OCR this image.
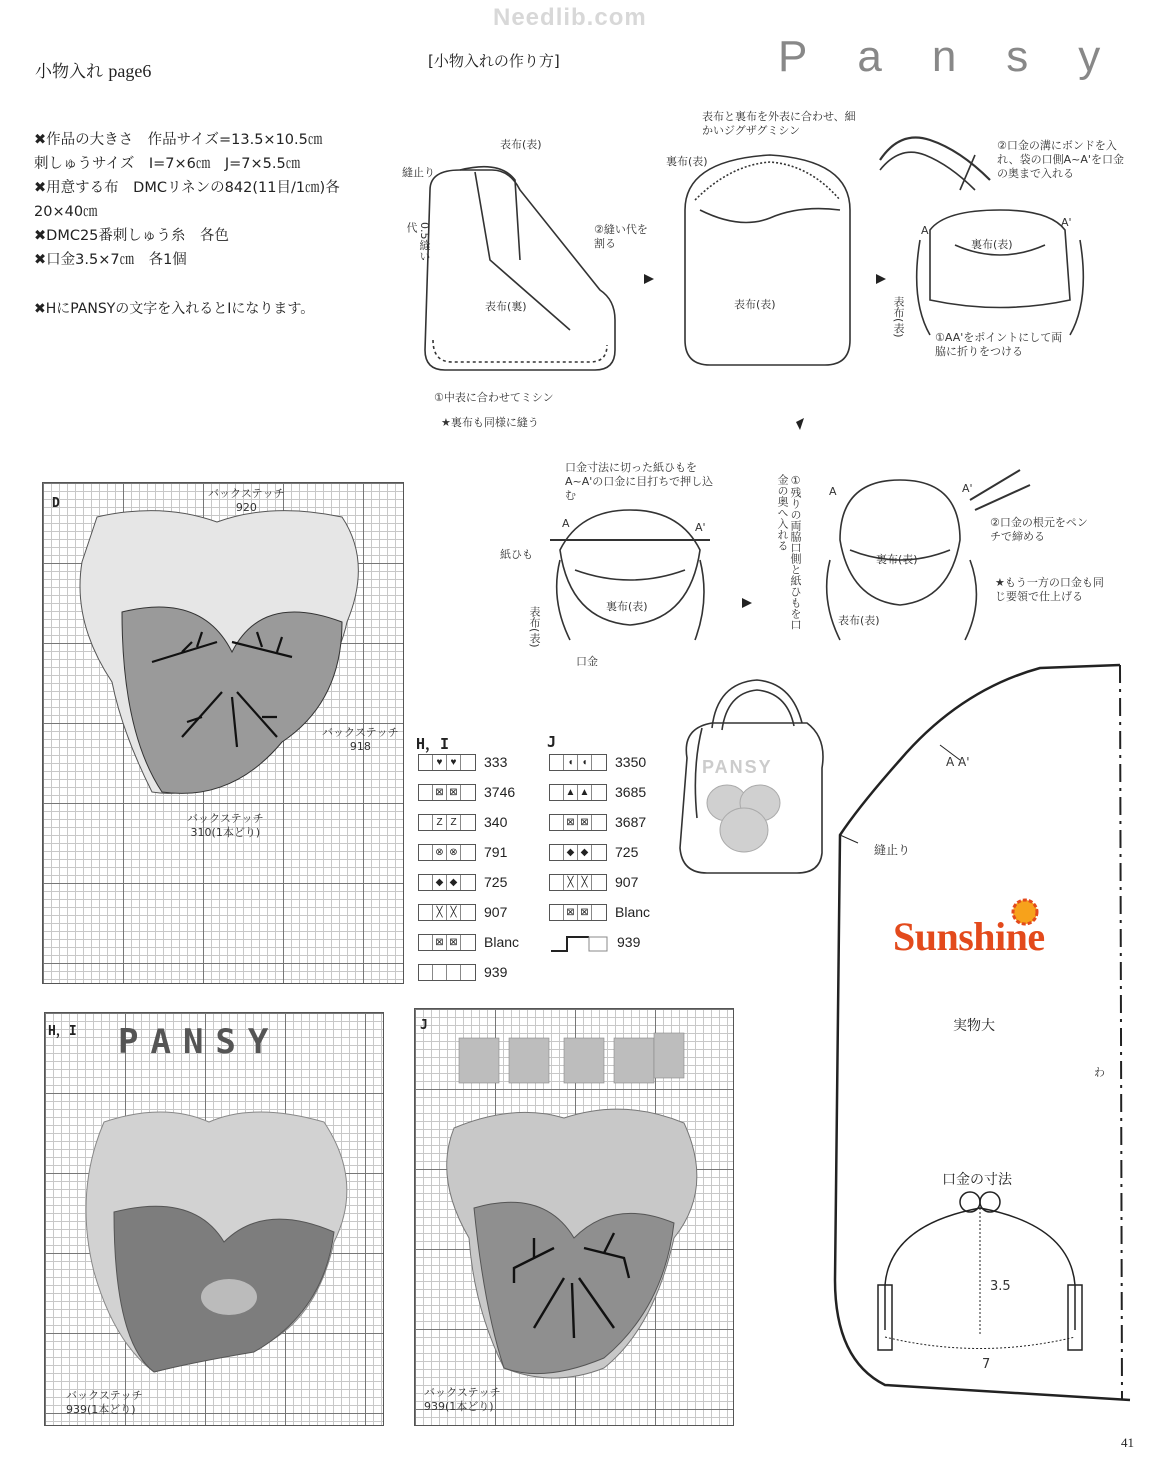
Needlib.com
小物入れ page6	[小物入れの作り方]	Pansy
✖作品の大きさ　作品サイズ=13.5×10.5㎝
刺しゅうサイズ　I=7×6㎝　J=7×5.5㎝
✖用意する布　DMCリネンの842(11目/1㎝)各
20×40㎝
✖DMC25番刺しゅう糸　各色
✖口金3.5×7㎝　各1個
✖HにPANSYの文字を入れるとIになります。
表布(表)
縫止り
0.5縫い代	②縫い代を割る
表布(裏)
①中表に合わせてミシン
★裏布も同様に縫う
表布と裏布を外表に合わせ、細かいジグザグミシン
裏布(表)
表布(表)
②口金の溝にボンドを入れ、袋の口側A~A'を口金の奥まで入れる
A
A'
裏布(表)
表布(表)	①AA'をポイントにして両脇に折りをつける
口金寸法に切った紙ひもをA~A'の口金に目打ちで押し込む
A	A'
紙ひも
裏布(表)
表布(表)
口金
①残りの両脇口側と紙ひもを口金の奥へ入れる	A	A'
②口金の根元をペンチで締める
裏布(表)
表布(表)
★もう一方の口金も同じ要領で仕上げる
D
バックステッチ
920
バックステッチ
918
バックステッチ
310(1本どり)
H，I
♥ ♥	333
⊠ ⊠ 3746
Z Z	340
⊗ ⊗ 791
◆ ◆ 725
╳ ╳	907
⊠ ⊠ Blanc
939
J
◖ ◖	3350
▲ ▲ 3685
⊠ ⊠ 3687
◆ ◆ 725
╳ ╳	907
⊠ ⊠ Blanc
939
PANSY
H，I PANSY
バックステッチ
939(1本どり)
J
バックステッチ
939(1本どり)
A A'
縫止り
Sunshine
実物大
わ
口金の寸法
3.5
7
41
